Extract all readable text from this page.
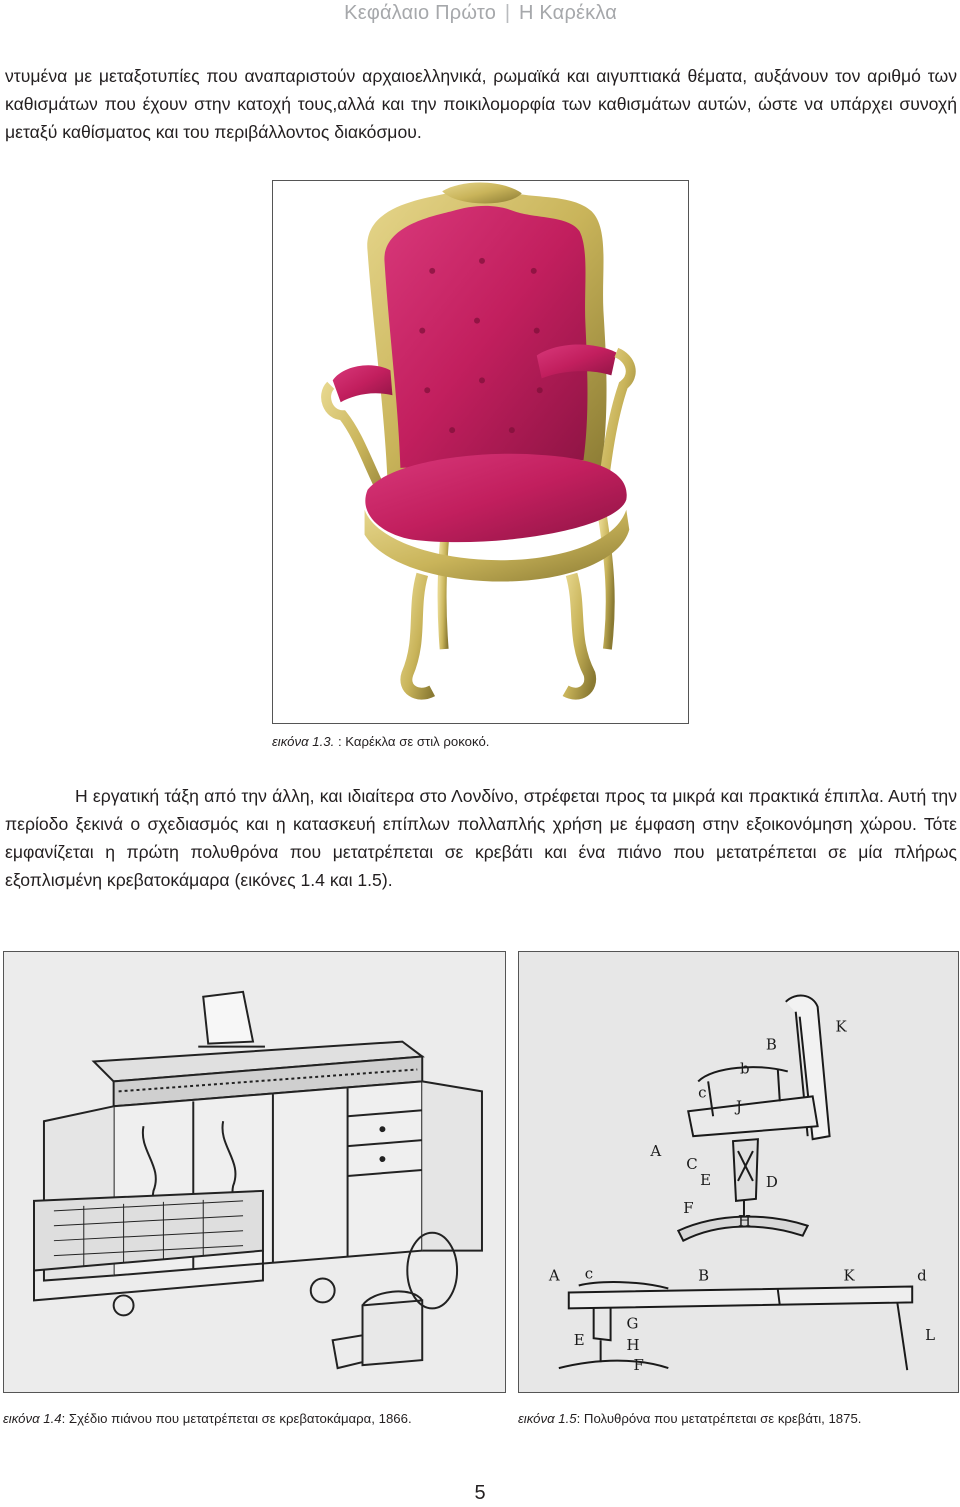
Κεφάλαιο Πρώτο | Η Καρέκλα

ντυμένα με μεταξοτυπίες που αναπαριστούν αρχαιοελληνικά, ρωμαϊκά και αιγυπτιακά θέματα, αυξάνουν τον αριθμό των καθισμάτων που έχουν στην κατοχή τους,αλλά και την ποικιλομορφία των καθισμάτων αυτών, ώστε να υπάρχει συνοχή μεταξύ καθίσματος και του περιβάλλοντος διακόσμου.

εικόνα 1.3. : Καρέκλα σε στιλ ροκοκό.

Η εργατική τάξη από την άλλη, και ιδιαίτερα στο Λονδίνο, στρέφεται προς τα μικρά και πρακτικά έπιπλα. Αυτή την περίοδο ξεκινά ο σχεδιασμός και η κατασκευή επίπλων πολλαπλής χρήση με έμφαση στην εξοικονόμηση χώρου. Τότε εμφανίζεται η πρώτη πολυθρόνα που μετατρέπεται σε κρεβάτι και ένα πιάνο που μετατρέπεται σε μία πλήρως εξοπλισμένη κρεβατοκάμαρα (εικόνες 1.4 και 1.5).

B
K
b
c
J
A
C
E	D
F
H
d
L
A c	B	K
E	H
F
G

εικόνα 1.4: Σχέδιο πιάνου που μετατρέπεται σε κρεβατοκάμαρα, 1866.	εικόνα 1.5: Πολυθρόνα που μετατρέπεται σε κρεβάτι, 1875.

5
